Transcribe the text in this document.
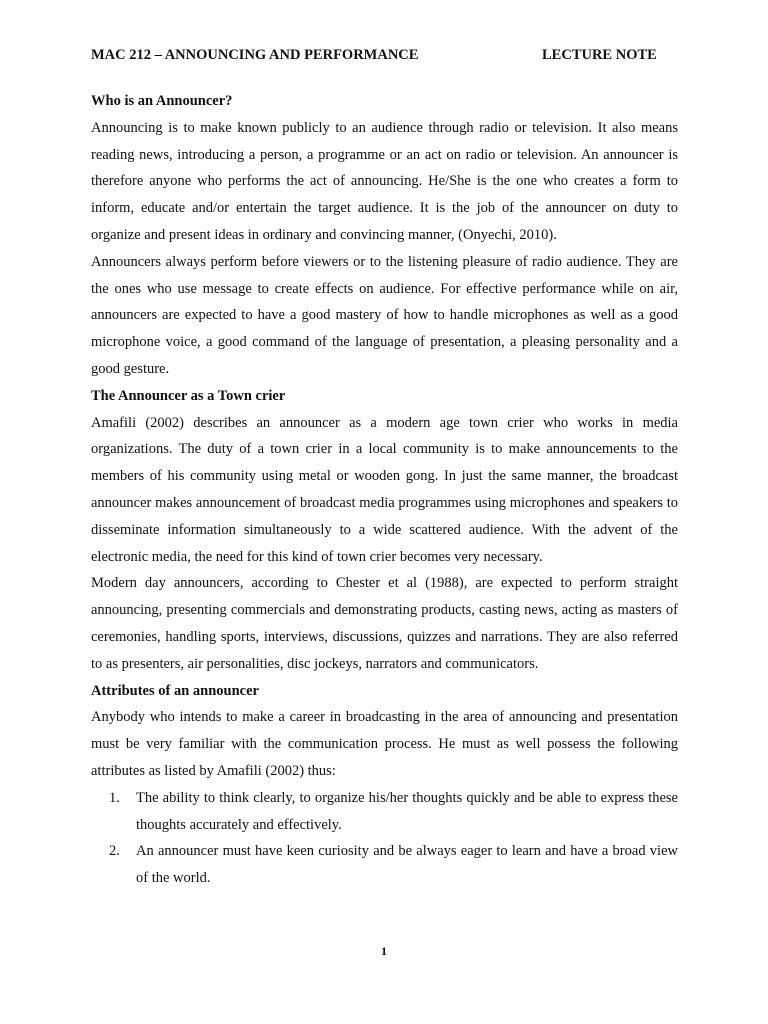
MAC 212 – ANNOUNCING AND PERFORMANCE	LECTURE NOTE
Who is an Announcer?

Announcing is to make known publicly to an audience through radio or television. It also means reading news, introducing a person, a programme or an act on radio or television. An announcer is therefore anyone who performs the act of announcing. He/She is the one who creates a form to inform, educate and/or entertain the target audience. It is the job of the announcer on duty to organize and present ideas in ordinary and convincing manner, (Onyechi, 2010).

Announcers always perform before viewers or to the listening pleasure of radio audience. They are the ones who use message to create effects on audience. For effective performance while on air, announcers are expected to have a good mastery of how to handle microphones as well as a good microphone voice, a good command of the language of presentation, a pleasing personality and a good gesture.

The Announcer as a Town crier

Amafili (2002) describes an announcer as a modern age town crier who works in media organizations. The duty of a town crier in a local community is to make announcements to the members of his community using metal or wooden gong. In just the same manner, the broadcast announcer makes announcement of broadcast media programmes using microphones and speakers to disseminate information simultaneously to a wide scattered audience. With the advent of the electronic media, the need for this kind of town crier becomes very necessary.

Modern day announcers, according to Chester et al (1988), are expected to perform straight announcing, presenting commercials and demonstrating products, casting news, acting as masters of ceremonies, handling sports, interviews, discussions, quizzes and narrations. They are also referred to as presenters, air personalities, disc jockeys, narrators and communicators.

Attributes of an announcer

Anybody who intends to make a career in broadcasting in the area of announcing and presentation must be very familiar with the communication process. He must as well possess the following attributes as listed by Amafili (2002) thus:

1. The ability to think clearly, to organize his/her thoughts quickly and be able to express these thoughts accurately and effectively.
2. An announcer must have keen curiosity and be always eager to learn and have a broad view of the world.
1
